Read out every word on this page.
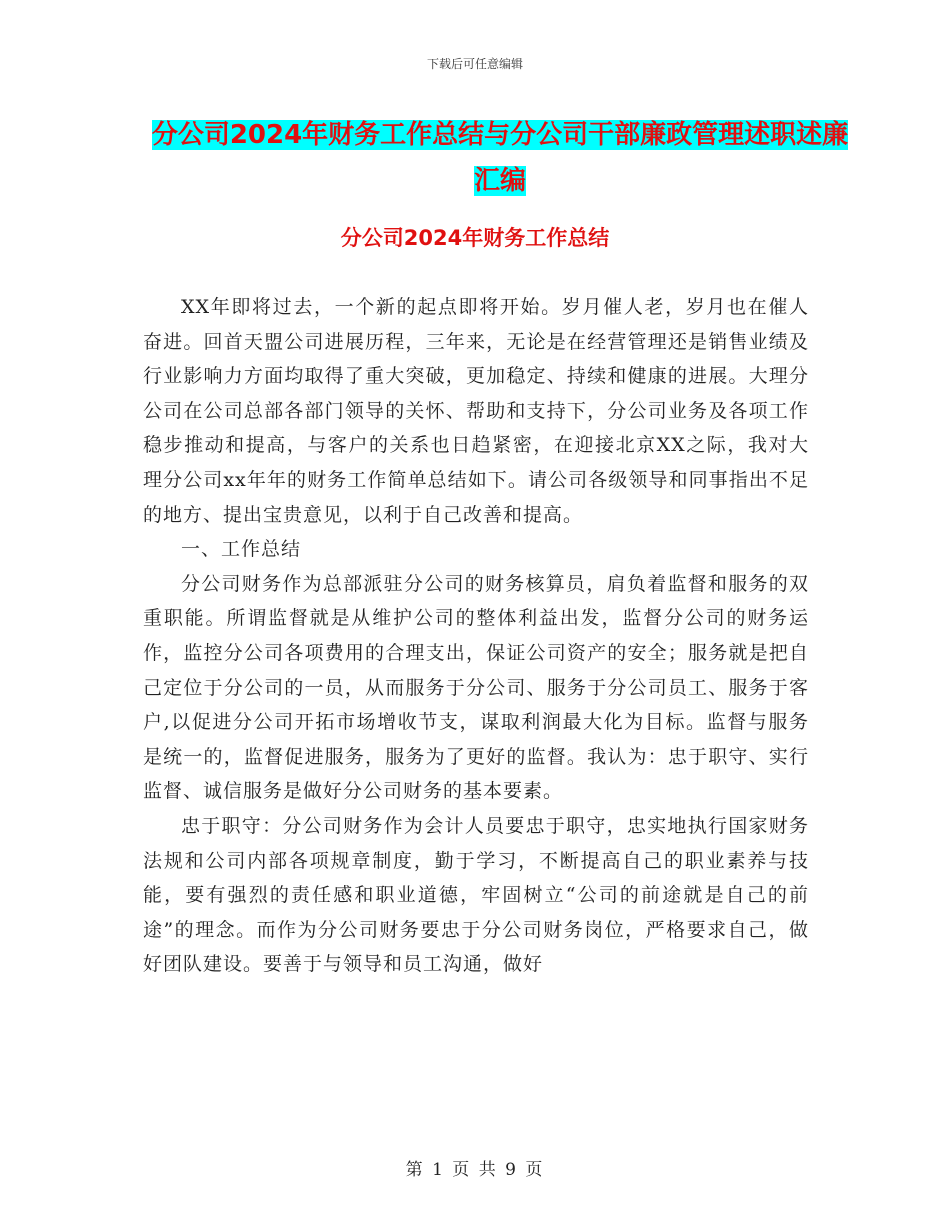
下载后可任意编辑
分公司2024年财务工作总结与分公司干部廉政管理述职述廉汇编
分公司2024年财务工作总结

XX年即将过去，一个新的起点即将开始。岁月催人老，岁月也在催人奋进。回首天盟公司进展历程，三年来，无论是在经营管理还是销售业绩及行业影响力方面均取得了重大突破，更加稳定、持续和健康的进展。大理分公司在公司总部各部门领导的关怀、帮助和支持下，分公司业务及各项工作稳步推动和提高，与客户的关系也日趋紧密，在迎接北京XX之际，我对大理分公司xx年年的财务工作简单总结如下。请公司各级领导和同事指出不足的地方、提出宝贵意见，以利于自己改善和提高。

一、工作总结

分公司财务作为总部派驻分公司的财务核算员，肩负着监督和服务的双重职能。所谓监督就是从维护公司的整体利益出发，监督分公司的财务运作，监控分公司各项费用的合理支出，保证公司资产的安全；服务就是把自己定位于分公司的一员，从而服务于分公司、服务于分公司员工、服务于客户,以促进分公司开拓市场增收节支，谋取利润最大化为目标。监督与服务是统一的，监督促进服务，服务为了更好的监督。我认为：忠于职守、实行监督、诚信服务是做好分公司财务的基本要素。

忠于职守：分公司财务作为会计人员要忠于职守，忠实地执行国家财务法规和公司内部各项规章制度，勤于学习，不断提高自己的职业素养与技能，要有强烈的责任感和职业道德，牢固树立“公司的前途就是自己的前途”的理念。而作为分公司财务要忠于分公司财务岗位，严格要求自己，做好团队建设。要善于与领导和员工沟通，做好

第 1 页 共 9 页
